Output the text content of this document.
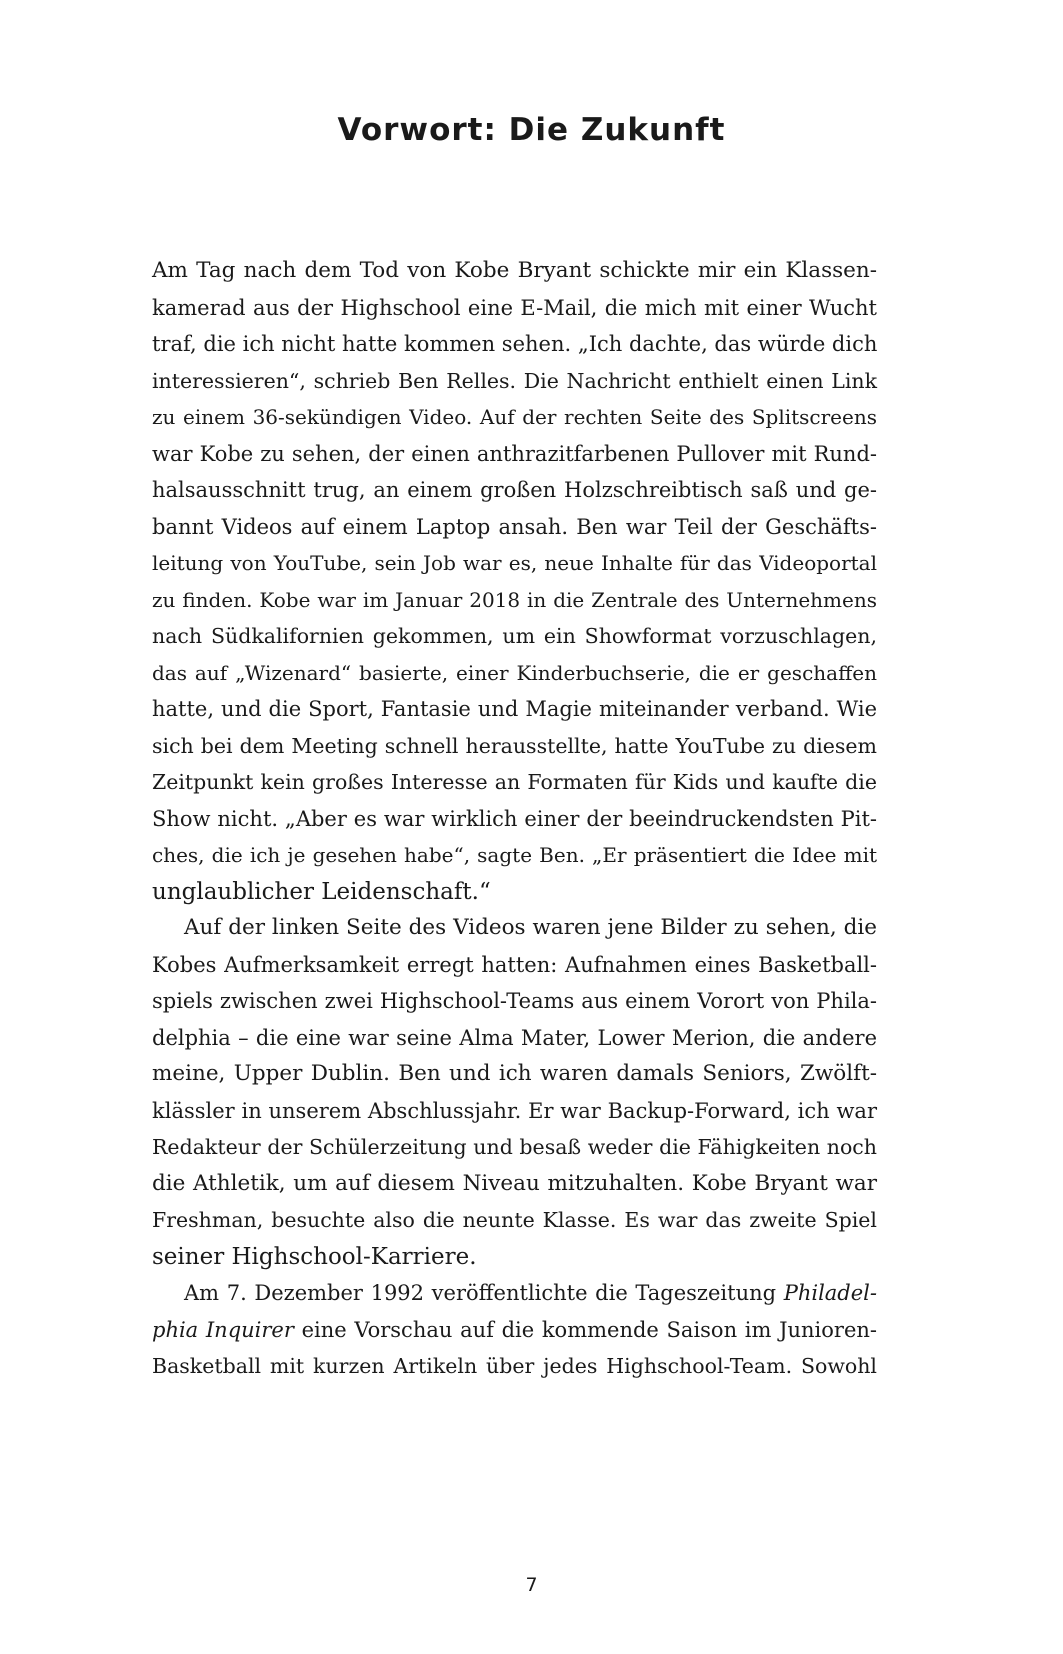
Vorwort: Die Zukunft
Am Tag nach dem Tod von Kobe Bryant schickte mir ein Klassen-
kamerad aus der Highschool eine E-Mail, die mich mit einer Wucht
traf, die ich nicht hatte kommen sehen. „Ich dachte, das würde dich
interessieren“, schrieb Ben Relles. Die Nachricht enthielt einen Link
zu einem 36-sekündigen Video. Auf der rechten Seite des Splitscreens
war Kobe zu sehen, der einen anthrazitfarbenen Pullover mit Rund-
halsausschnitt trug, an einem großen Holzschreibtisch saß und ge-
bannt Videos auf einem Laptop ansah. Ben war Teil der Geschäfts-
leitung von YouTube, sein Job war es, neue Inhalte für das Videoportal
zu finden. Kobe war im Januar 2018 in die Zentrale des Unternehmens
nach Südkalifornien gekommen, um ein Showformat vorzuschlagen,
das auf „Wizenard“ basierte, einer Kinderbuchserie, die er geschaffen
hatte, und die Sport, Fantasie und Magie miteinander verband. Wie
sich bei dem Meeting schnell herausstellte, hatte YouTube zu diesem
Zeitpunkt kein großes Interesse an Formaten für Kids und kaufte die
Show nicht. „Aber es war wirklich einer der beeindruckendsten Pit-
ches, die ich je gesehen habe“, sagte Ben. „Er präsentiert die Idee mit
unglaublicher Leidenschaft.“
Auf der linken Seite des Videos waren jene Bilder zu sehen, die
Kobes Aufmerksamkeit erregt hatten: Aufnahmen eines Basketball-
spiels zwischen zwei Highschool-Teams aus einem Vorort von Phila-
delphia – die eine war seine Alma Mater, Lower Merion, die andere
meine, Upper Dublin. Ben und ich waren damals Seniors, Zwölft-
klässler in unserem Abschlussjahr. Er war Backup-Forward, ich war
Redakteur der Schülerzeitung und besaß weder die Fähigkeiten noch
die Athletik, um auf diesem Niveau mitzuhalten. Kobe Bryant war
Freshman, besuchte also die neunte Klasse. Es war das zweite Spiel
seiner Highschool-Karriere.
Am 7. Dezember 1992 veröffentlichte die Tageszeitung Philadel-
phia Inquirer eine Vorschau auf die kommende Saison im Junioren-
Basketball mit kurzen Artikeln über jedes Highschool-Team. Sowohl
7
